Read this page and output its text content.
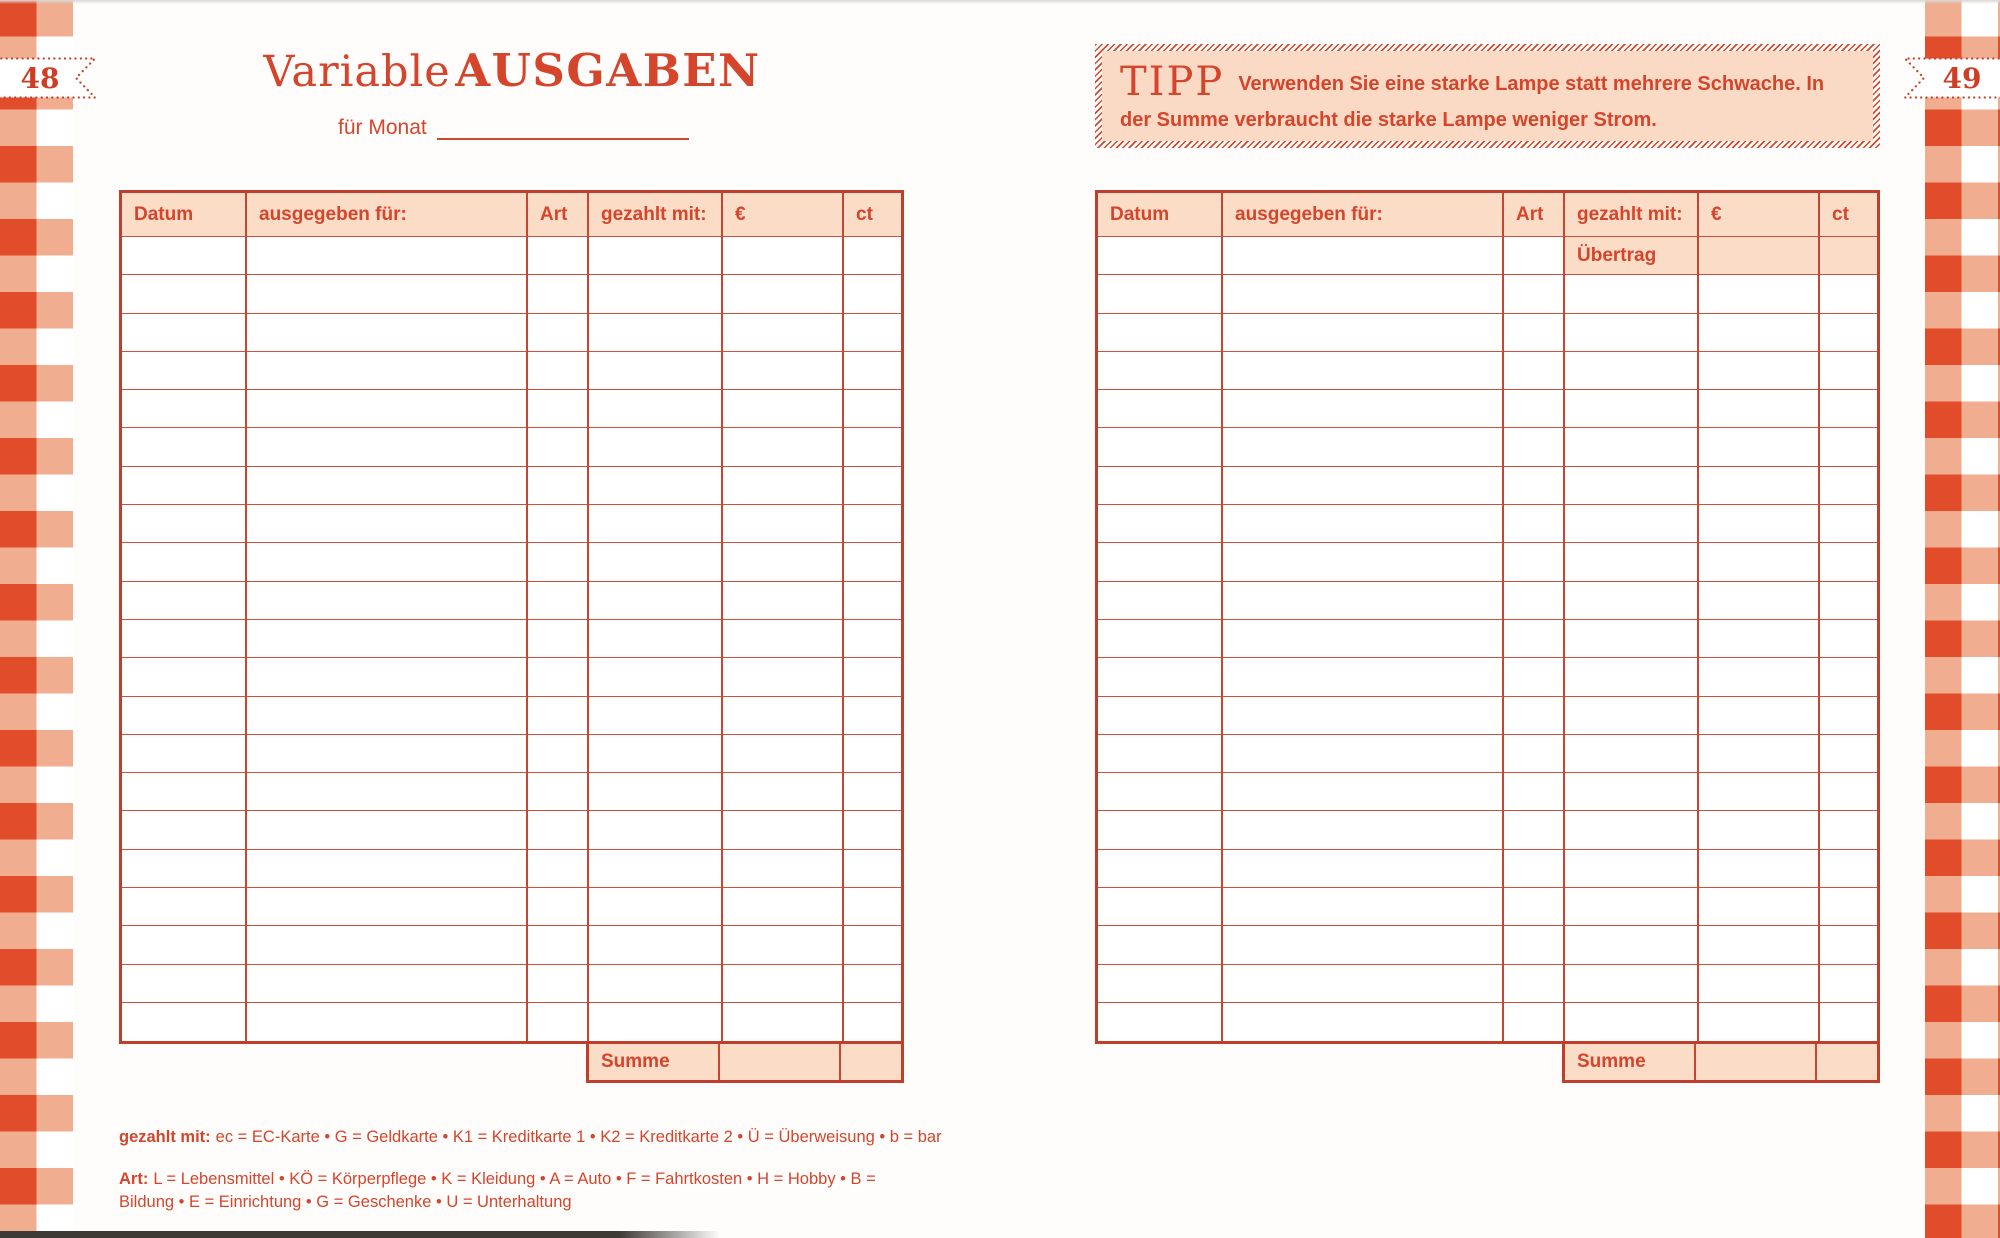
48	49
Variable AUSGABEN
für Monat
Datum	ausgegeben für:	Art	gezahlt mit:	€	ct
Summe

gezahlt mit: ec = EC-Karte • G = Geldkarte • K1 = Kreditkarte 1 • K2 = Kreditkarte 2 • Ü = Überweisung • b = bar

Art: L = Lebensmittel • KÖ = Körperpflege • K = Kleidung • A = Auto • F = Fahrtkosten • H = Hobby • B = Bildung • E = Einrichtung • G = Geschenke • U = Unterhaltung

TIPP Verwenden Sie eine starke Lampe statt mehrere Schwache. In der Summe verbraucht die starke Lampe weniger Strom.
Datum	ausgegeben für:	Art	gezahlt mit:	€	ct
Übertrag
Summe
